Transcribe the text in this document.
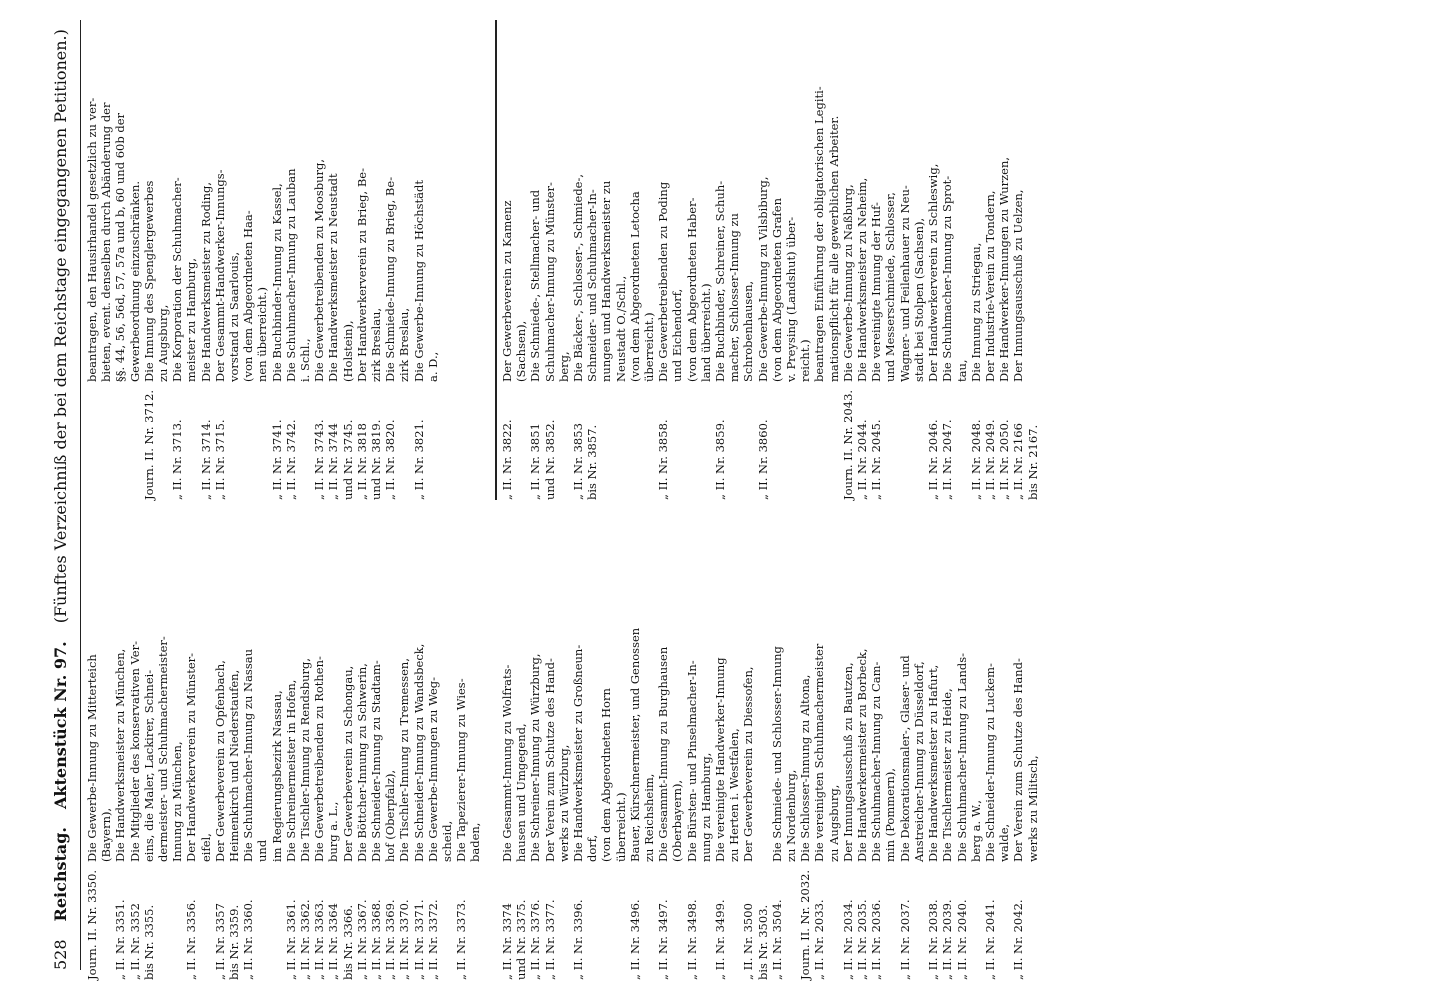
528
Reichstag.
Aktenstück Nr. 97.
(Fünftes Verzeichniß der bei dem Reichstage eingegangenen Petitionen.)
Journ. II. Nr. 3350.
Die Gewerbe-Innung zu Mitterteich (Bayern),
„ II. Nr. 3351.
Die Handwerksmeister zu München,
„ II. Nr. 3352
Die Mitglieder des konservativen Ver-
bis Nr. 3355.
eins, die Maler, Lackirer, Schnei- dermeister- und Schuhmachermeister- Innung zu München,
„ II. Nr. 3356.
Der Handwerkerverein zu Münster- eifel,
„ II. Nr. 3357
Der Gewerbeverein zu Opfenbach,
bis Nr. 3359.
Heimenkirch und Niederstaufen,
„ II. Nr. 3360.
Die Schuhmacher-Innung zu Nassau und im Regierungsbezirk Nassau,
„ II. Nr. 3361.
Die Schreinermeister in Hofen,
„ II. Nr. 3362.
Die Tischler-Innung zu Rendsburg,
„ II. Nr. 3363.
Die Gewerbetreibenden zu Rothen-
„ II. Nr. 3364
burg a. L.,
bis Nr. 3366.
Der Gewerbeverein zu Schongau,
„ II. Nr. 3367.
Die Böttcher-Innung zu Schwerin,
„ II. Nr. 3368.
Die Schneider-Innung zu Stadtam-
„ II. Nr. 3369.
hof (Oberpfalz),
„ II. Nr. 3370.
Die Tischler-Innung zu Tremessen,
„ II. Nr. 3371.
Die Schneider-Innung zu Wandsbeck,
„ II. Nr. 3372.
Die Gewerbe-Innungen zu Weg- scheid,
„ II. Nr. 3373.
Die Tapezierer-Innung zu Wies- baden,
„ II. Nr. 3374
Die Gesammt-Innung zu Wolfrats-
und Nr. 3375.
hausen und Umgegend,
„ II. Nr. 3376.
Die Schreiner-Innung zu Würzburg,
„ II. Nr. 3377.
Der Verein zum Schutze des Hand- werks zu Würzburg,
„ II. Nr. 3396.
Die Handwerksmeister zu Großneun- dorf, (von dem Abgeordneten Horn überreicht.)
„ II. Nr. 3496.
Bauer, Kürschnermeister, und Genossen zu Reichsheim,
„ II. Nr. 3497.
Die Gesammt-Innung zu Burghausen (Oberbayern),
„ II. Nr. 3498.
Die Bürsten- und Pinselmacher-In- nung zu Hamburg,
„ II. Nr. 3499.
Die vereinigte Handwerker-Innung zu Herten i. Westfalen,
„ II. Nr. 3500
Der Gewerbeverein zu Diessofen,
bis Nr. 3503. „ II. Nr. 3504.
Die Schmiede- und Schlosser-Innung zu Nordenburg,
Journ. II. Nr. 2032.
Die Schlosser-Innung zu Altona,
„ II. Nr. 2033.
Die vereinigten Schuhmachermeister zu Augsburg,
„ II. Nr. 2034.
Der Innungsausschuß zu Bautzen,
„ II. Nr. 2035.
Die Handwerkermeister zu Borbeck,
„ II. Nr. 2036.
Die Schuhmacher-Innung zu Cam- min (Pommern),
„ II. Nr. 2037.
Die Dekorationsmaler-, Glaser- und Anstreicher-Innung zu Düsseldorf,
„ II. Nr. 2038.
Die Handwerksmeister zu Hafurt,
„ II. Nr. 2039.
Die Tischlermeister zu Heide,
„ II. Nr. 2040.
Die Schuhmacher-Innung zu Lands- berg a. W.,
„ II. Nr. 2041.
Die Schneider-Innung zu Luckem- walde,
„ II. Nr. 2042.
Der Verein zum Schutze des Hand- werks zu Militsch,
beantragen, den Hausirhandel gesetzlich zu ver- bieten, event. denselben durch Abänderung der §§. 44, 56, 56d, 57, 57a und b, 60 und 60b der Gewerbeordnung einzuschränken.
Journ. II. Nr. 3712.
Die Innung des Spenglergewerbes zu Augsburg,
„ II. Nr. 3713.
Die Korporation der Schuhmacher- meister zu Hamburg,
„ II. Nr. 3714.
Die Handwerksmeister zu Roding,
„ II. Nr. 3715.
Der Gesammt-Handwerker-Innungs- vorstand zu Saarlouis, (von dem Abgeordneten Haa- nen überreicht.)
„ II. Nr. 3741.
Die Buchbinder-Innung zu Kassel,
„ II. Nr. 3742.
Die Schuhmacher-Innung zu Lauban i. Schl.,
„ II. Nr. 3743.
Die Gewerbetreibenden zu Moosburg,
„ II. Nr. 3744
Die Handwerksmeister zu Neustadt
und Nr. 3745.
(Holstein),
„ II. Nr. 3818
Der Handwerkerverein zu Brieg, Be-
und Nr. 3819.
zirk Breslau,
„ II. Nr. 3820.
Die Schmiede-Innung zu Brieg, Be- zirk Breslau,
„ II. Nr. 3821.
Die Gewerbe-Innung zu Höchstädt a. D.,
„ II. Nr. 3822.
Der Gewerbeverein zu Kamenz (Sachsen),
„ II. Nr. 3851
Die Schmiede-, Stellmacher- und
und Nr. 3852.
Schuhmacher-Innung zu Münster- berg,
„ II. Nr. 3853
Die Bäcker-, Schlosser-, Schmiede-,
bis Nr. 3857.
Schneider- und Schuhmacher-In- nungen und Handwerksmeister zu Neustadt O./Schl., (von dem Abgeordneten Letocha überreicht.)
„ II. Nr. 3858.
Die Gewerbetreibenden zu Poding und Eichendorf, (von dem Abgeordneten Haber- land überreicht.)
„ II. Nr. 3859.
Die Buchbinder, Schreiner, Schuh- macher, Schlosser-Innung zu Schrobenhausen,
„ II. Nr. 3860.
Die Gewerbe-Innung zu Vilsbiburg, (von dem Abgeordneten Grafen v. Preysing (Landshut) über- reicht.) beantragen Einführung der obligatorischen Legiti- mationspflicht für alle gewerblichen Arbeiter.
Journ. II. Nr. 2043.
Die Gewerbe-Innung zu Naßburg,
„ II. Nr. 2044.
Die Handwerksmeister zu Neheim,
„ II. Nr. 2045.
Die vereinigte Innung der Huf- und Messerschmiede, Schlosser, Wagner- und Feilenhauer zu Neu- stadt bei Stolpen (Sachsen),
„ II. Nr. 2046.
Der Handwerkerverein zu Schleswig,
„ II. Nr. 2047.
Die Schuhmacher-Innung zu Sprot- tau,
„ II. Nr. 2048.
Die Innung zu Striegau,
„ II. Nr. 2049.
Der Industrie-Verein zu Tondern,
„ II. Nr. 2050.
Die Handwerker-Innungen zu Wurzen,
„ II. Nr. 2166
Der Innungsausschuß zu Uelzen,
bis Nr. 2167.
